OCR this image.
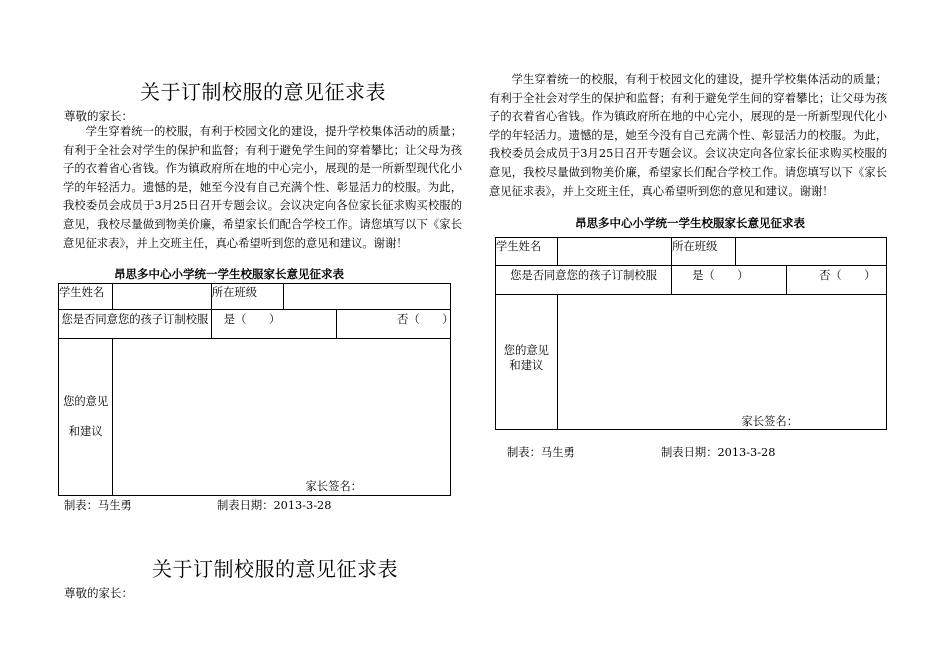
关于订制校服的意见征求表
尊敬的家长：

学生穿着统一的校服，有利于校园文化的建设，提升学校集体活动的质量；有利于全社会对学生的保护和监督；有利于避免学生间的穿着攀比；让父母为孩子的衣着省心省钱。作为镇政府所在地的中心完小，展现的是一所新型现代化小学的年轻活力。遗憾的是，她至今没有自己充满个性、彰显活力的校服。为此，我校委员会成员于3月25日召开专题会议。会议决定向各位家长征求购买校服的意见，我校尽量做到物美价廉，希望家长们配合学校工作。请您填写以下《家长意见征求表》，并上交班主任，真心希望听到您的意见和建议。谢谢！

昂思多中心小学统一学生校服家长意见征求表
学生姓名		所在班级	
您是否同意您的孩子订制校服		是（　　） 否（　　）	

您的意见
和建议	家长签名：		
制表：马生勇	制表日期：2013-3-28

学生穿着统一的校服，有利于校园文化的建设，提升学校集体活动的质量；有利于全社会对学生的保护和监督；有利于避免学生间的穿着攀比；让父母为孩子的衣着省心省钱。作为镇政府所在地的中心完小，展现的是一所新型现代化小学的年轻活力。遗憾的是，她至今没有自己充满个性、彰显活力的校服。为此，我校委员会成员于3月25日召开专题会议。会议决定向各位家长征求购买校服的意见，我校尽量做到物美价廉，希望家长们配合学校工作。请您填写以下《家长意见征求表》，并上交班主任，真心希望听到您的意见和建议。谢谢！

昂思多中心小学统一学生校服家长意见征求表
学生姓名		所在班级	
您是否同意您的孩子订制校服		是（　　） 否（　　）	

您的意见
和建议	家长签名：		
制表：马生勇	制表日期：2013-3-28
关于订制校服的意见征求表
尊敬的家长：
